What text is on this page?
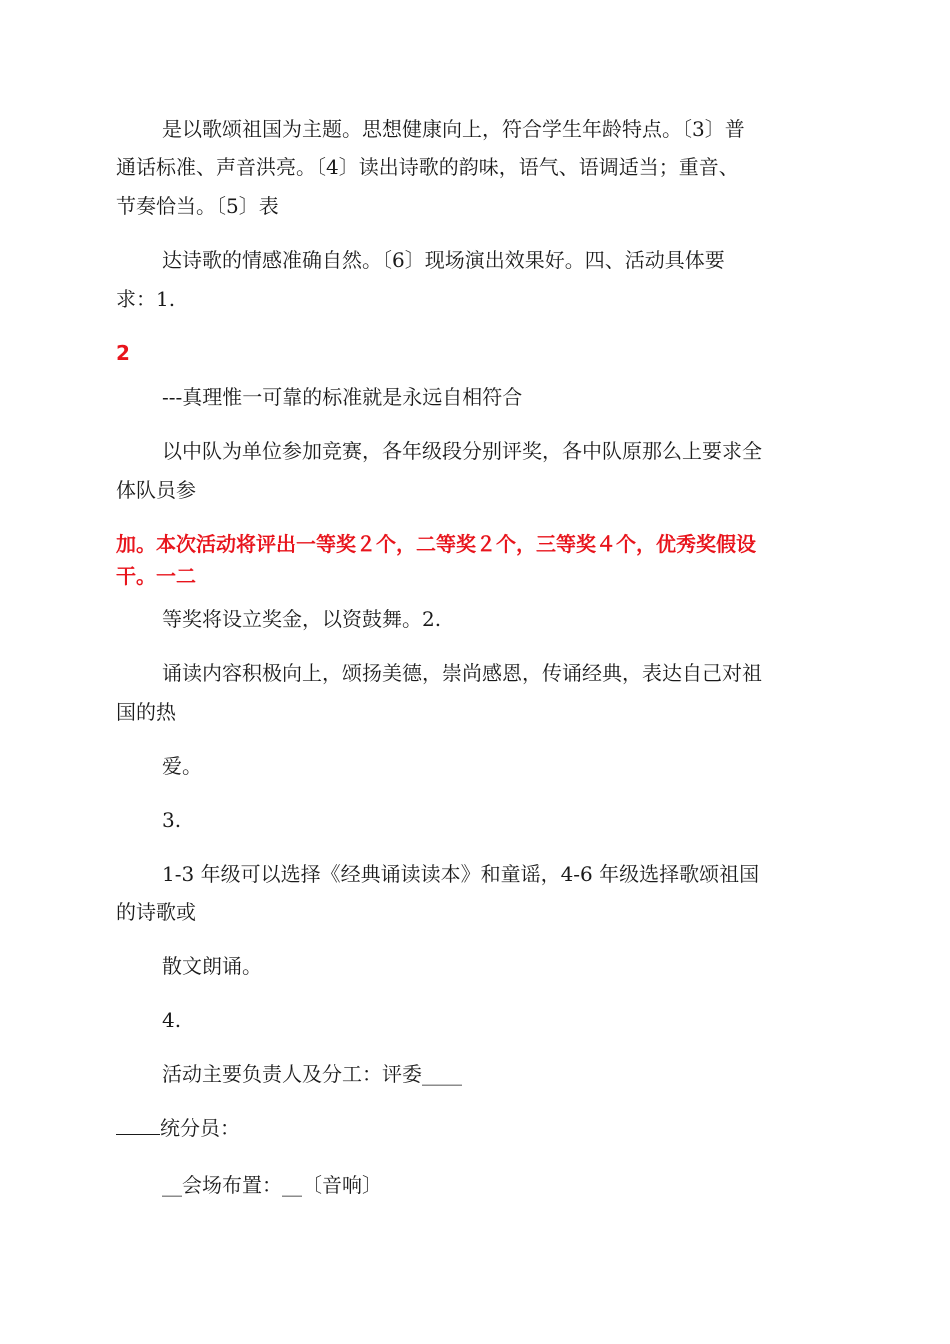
是以歌颂祖国为主题。思想健康向上，符合学生年龄特点。〔3〕普
通话标准、声音洪亮。〔4〕读出诗歌的韵味，语气、语调适当；重音、
节奏恰当。〔5〕表
达诗歌的情感准确自然。〔6〕现场演出效果好。四、活动具体要
求：1.
2
---真理惟一可靠的标准就是永远自相符合
以中队为单位参加竞赛，各年级段分别评奖，各中队原那么上要求全
体队员参
加。本次活动将评出一等奖２个，二等奖２个，三等奖４个，优秀奖假设
干。一二
等奖将设立奖金，以资鼓舞。2.
诵读内容积极向上，颂扬美德，崇尚感恩，传诵经典，表达自己对祖
国的热
爱。
3.
1-3 年级可以选择《经典诵读读本》和童谣，4-6 年级选择歌颂祖国
的诗歌或
散文朗诵。
4.
活动主要负责人及分工：评委____
统分员：
__会场布置：__〔音响〕
